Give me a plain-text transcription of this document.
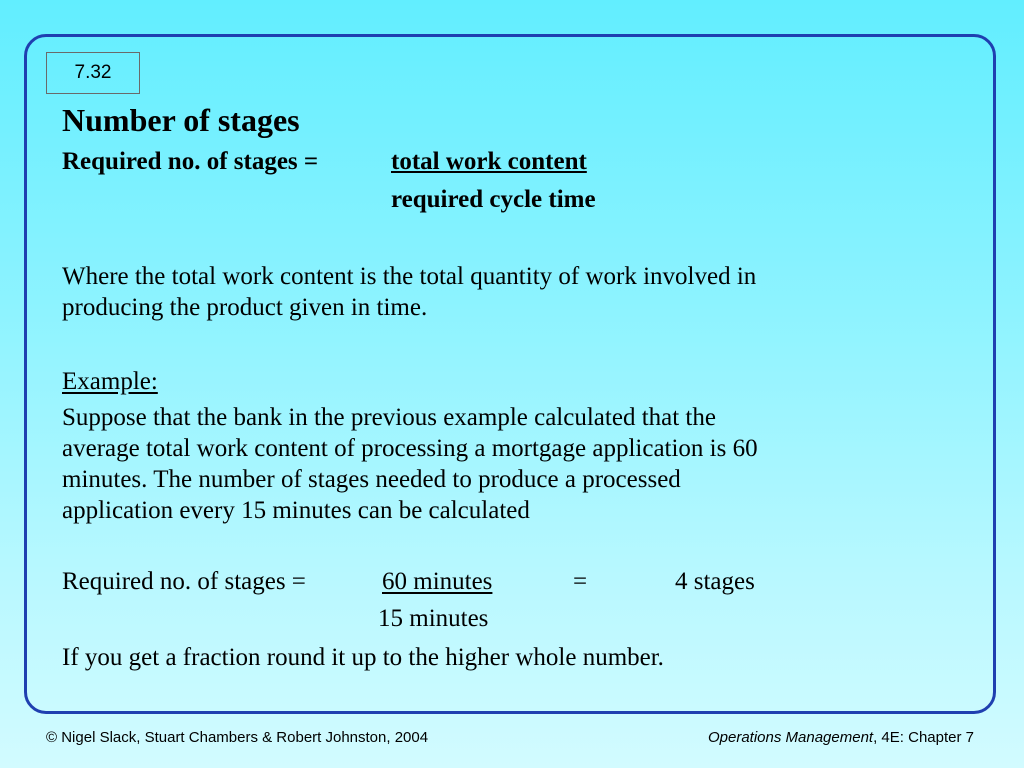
7.32
Number of stages
Required no. of stages =	total work content
required cycle time
Where the total work content is the total quantity of work involved in
producing the product given in time.
Example:
Suppose that the bank in the previous example calculated that the
average total work content of processing a mortgage application is 60
minutes. The number of stages needed to produce a processed
application every 15 minutes can be calculated
Required no. of stages =	60 minutes	=	4 stages
15 minutes
If you get a fraction round it up to the higher whole number.
© Nigel Slack, Stuart Chambers & Robert Johnston, 2004	Operations Management, 4E: Chapter 7
